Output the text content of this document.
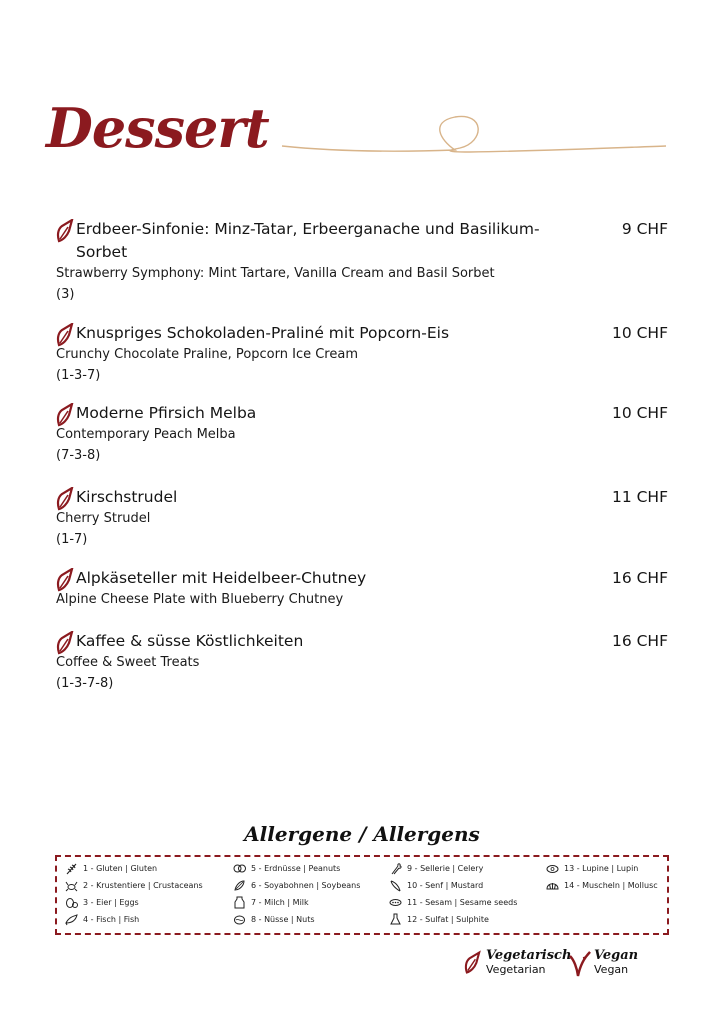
Dessert
Erdbeer-Sinfonie: Minz-Tatar, Erbeerganache und Basilikum-Sorbet
9 CHF
Strawberry Symphony: Mint Tartare, Vanilla Cream and Basil Sorbet
(3)
Knuspriges Schokoladen-Praliné mit Popcorn-Eis	10 CHF
Crunchy Chocolate Praline, Popcorn Ice Cream
(1-3-7)
Moderne Pfirsich Melba	10 CHF
Contemporary Peach Melba
(7-3-8)
Kirschstrudel	11 CHF
Cherry Strudel
(1-7)
Alpkäseteller mit Heidelbeer-Chutney	16 CHF
Alpine Cheese Plate with Blueberry Chutney
Kaffee & süsse Köstlichkeiten	16 CHF
Coffee & Sweet Treats
(1-3-7-8)
Allergene / Allergens
1 - Gluten | Gluten
2 - Krustentiere | Crustaceans
3 - Eier | Eggs
4 - Fisch | Fish
5 - Erdnüsse | Peanuts
6 - Soyabohnen | Soybeans
7 - Milch | Milk
8 - Nüsse | Nuts
9 - Sellerie | Celery
10 - Senf | Mustard
11 - Sesam | Sesame seeds
12 - Sulfat | Sulphite
13 - Lupine | Lupin
14 - Muscheln | Mollusc
Vegetarisch
Vegetarian
Vegan
Vegan
